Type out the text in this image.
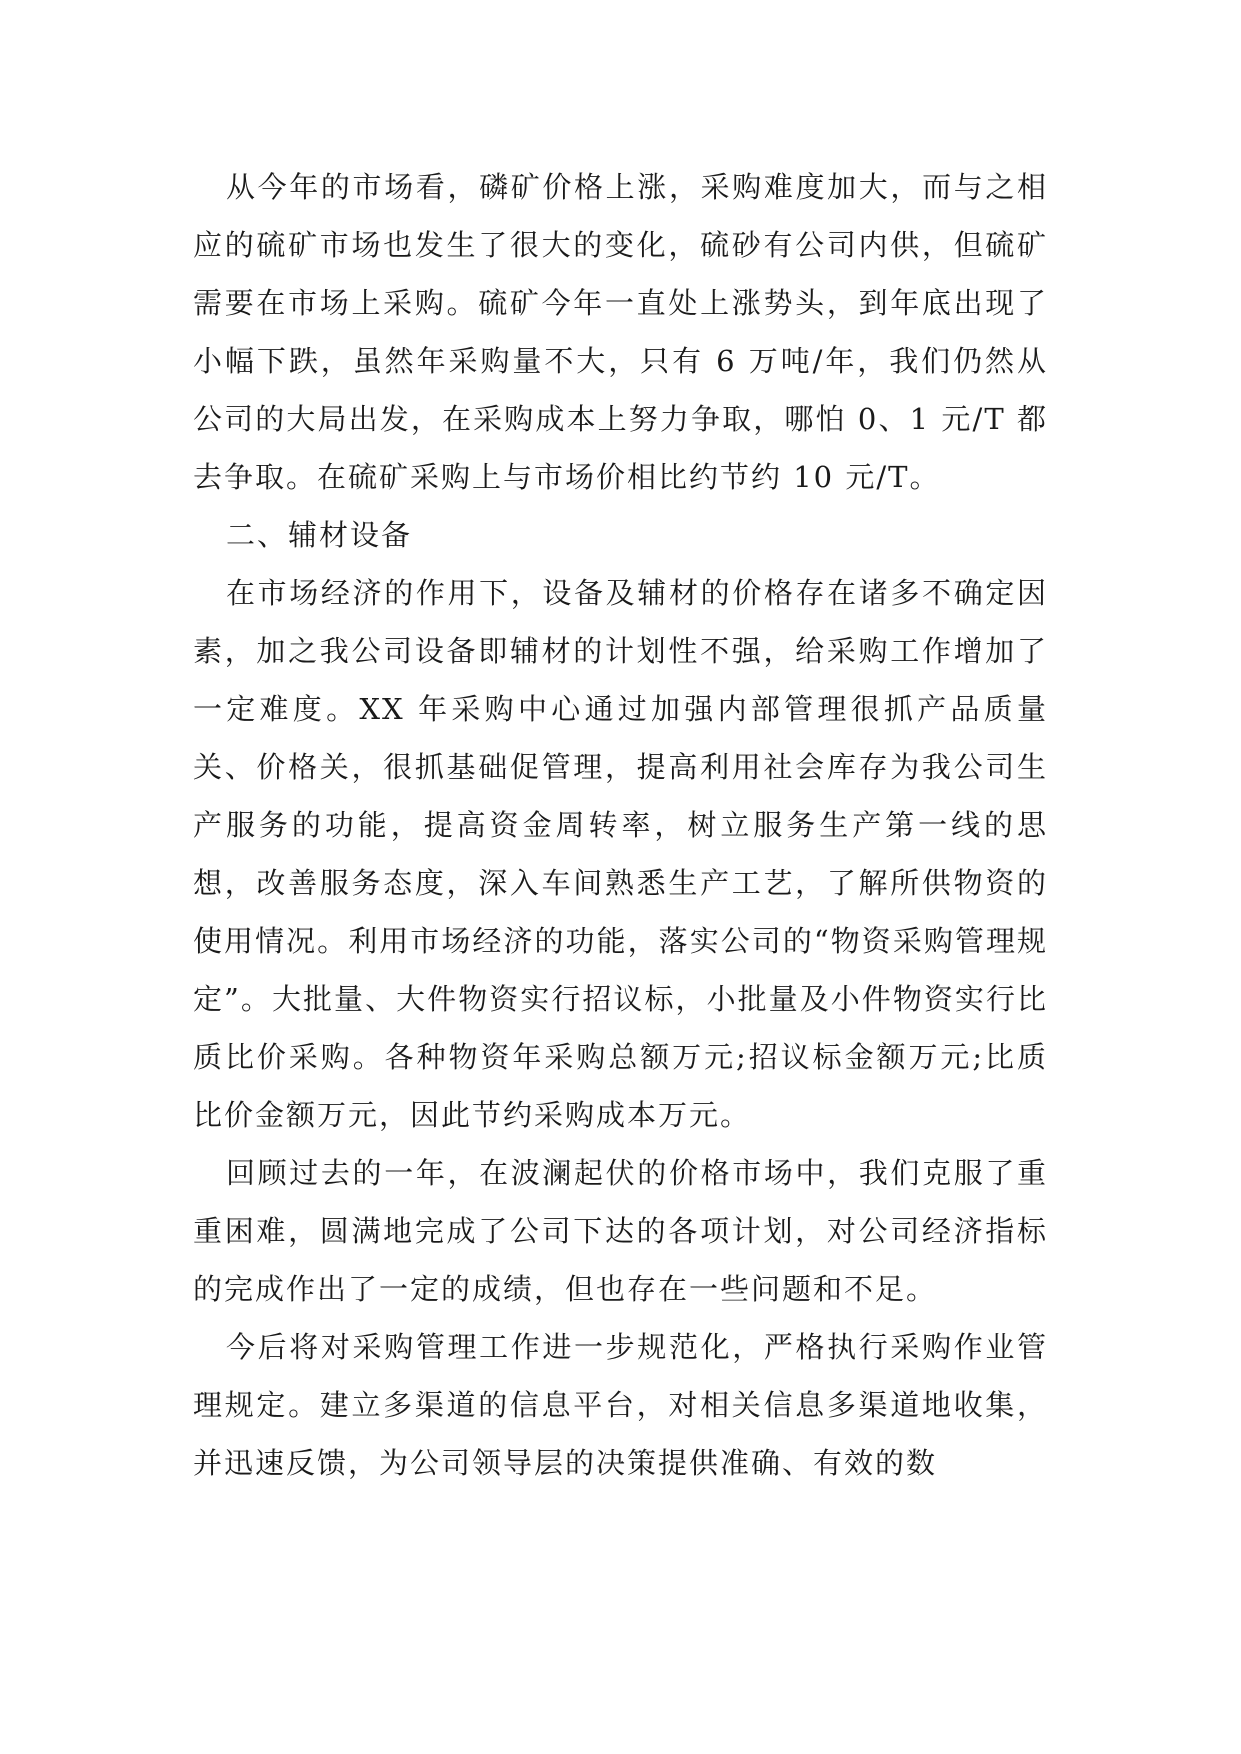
从今年的市场看，磷矿价格上涨，采购难度加大，而与之相应的硫矿市场也发生了很大的变化，硫砂有公司内供，但硫矿需要在市场上采购。硫矿今年一直处上涨势头，到年底出现了小幅下跌，虽然年采购量不大，只有 6 万吨/年，我们仍然从公司的大局出发，在采购成本上努力争取，哪怕 0、1 元/T 都去争取。在硫矿采购上与市场价相比约节约 10 元/T。

二、辅材设备

在市场经济的作用下，设备及辅材的价格存在诸多不确定因素，加之我公司设备即辅材的计划性不强，给采购工作增加了一定难度。XX 年采购中心通过加强内部管理很抓产品质量关、价格关，很抓基础促管理，提高利用社会库存为我公司生产服务的功能，提高资金周转率，树立服务生产第一线的思想，改善服务态度，深入车间熟悉生产工艺，了解所供物资的使用情况。利用市场经济的功能，落实公司的“物资采购管理规定”。大批量、大件物资实行招议标，小批量及小件物资实行比质比价采购。各种物资年采购总额万元;招议标金额万元;比质比价金额万元，因此节约采购成本万元。

回顾过去的一年，在波澜起伏的价格市场中，我们克服了重重困难，圆满地完成了公司下达的各项计划，对公司经济指标的完成作出了一定的成绩，但也存在一些问题和不足。

今后将对采购管理工作进一步规范化，严格执行采购作业管理规定。建立多渠道的信息平台，对相关信息多渠道地收集，并迅速反馈，为公司领导层的决策提供准确、有效的数
